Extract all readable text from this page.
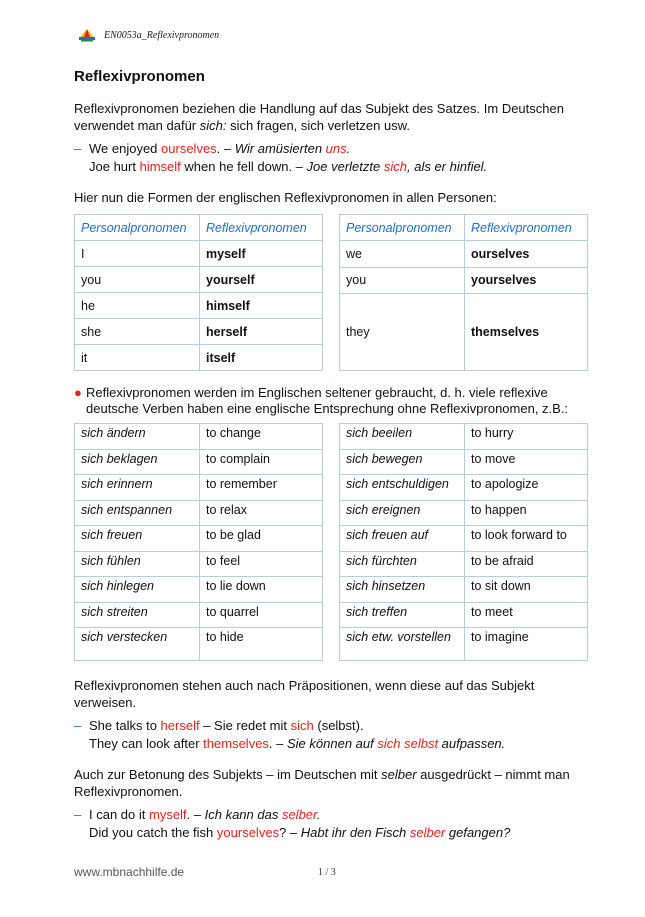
EN0053a_Reflexivpronomen
Reflexivpronomen

Reflexivpronomen beziehen die Handlung auf das Subjekt des Satzes. Im Deutschen verwendet man dafür sich: sich fragen, sich verletzen usw.

– We enjoyed ourselves. – Wir amüsierten uns.
Joe hurt himself when he fell down. – Joe verletzte sich, als er hinfiel.

Hier nun die Formen der englischen Reflexivpronomen in allen Personen:

Personalpronomen	Reflexivpronomen
I	myself
you	yourself
he	himself
she	herself
it	itself
Personalpronomen	Reflexivpronomen
we	ourselves
you	yourselves
they	themselves

● Reflexivpronomen werden im Englischen seltener gebraucht, d. h. viele reflexive deutsche Verben haben eine englische Entsprechung ohne Reflexivpronomen, z.B.:

sich ändern	to change
sich beklagen	to complain
sich erinnern	to remember
sich entspannen	to relax
sich freuen	to be glad
sich fühlen	to feel
sich hinlegen	to lie down
sich streiten	to quarrel
sich verstecken	to hide
sich beeilen	to hurry
sich bewegen	to move
sich entschuldigen	to apologize
sich ereignen	to happen
sich freuen auf	to look forward to
sich fürchten	to be afraid
sich hinsetzen	to sit down
sich treffen	to meet
sich etw. vorstellen	to imagine

Reflexivpronomen stehen auch nach Präpositionen, wenn diese auf das Subjekt verweisen.

– She talks to herself – Sie redet mit sich (selbst).
They can look after themselves. – Sie können auf sich selbst aufpassen.

Auch zur Betonung des Subjekts – im Deutschen mit selber ausgedrückt – nimmt man Reflexivpronomen.

– I can do it myself. – Ich kann das selber.
Did you catch the fish yourselves? – Habt ihr den Fisch selber gefangen?
www.mbnachhilfe.de	1 / 3
